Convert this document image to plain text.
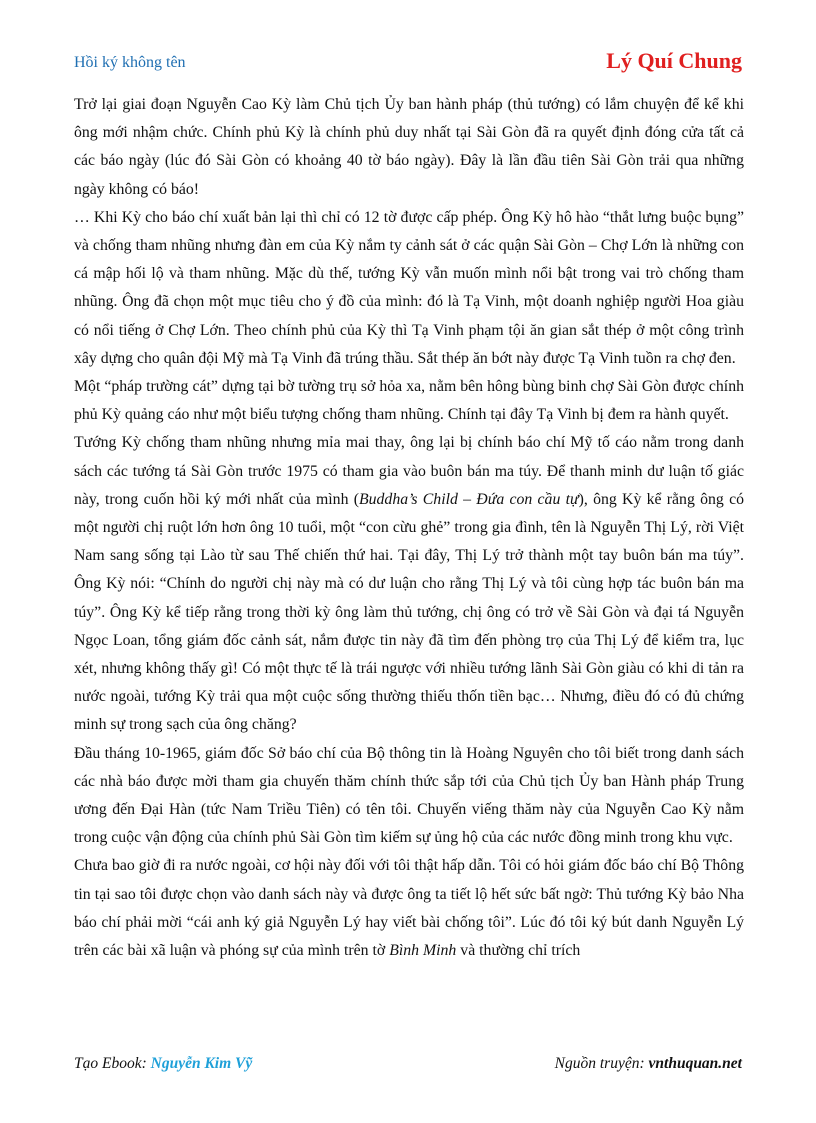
Hồi ký không tên	Lý Quí Chung

Trở lại giai đoạn Nguyễn Cao Kỳ làm Chủ tịch Ủy ban hành pháp (thủ tướng) có lắm chuyện để kể khi ông mới nhậm chức. Chính phủ Kỳ là chính phủ duy nhất tại Sài Gòn đã ra quyết định đóng cửa tất cả các báo ngày (lúc đó Sài Gòn có khoảng 40 tờ báo ngày). Đây là lần đầu tiên Sài Gòn trải qua những ngày không có báo!

… Khi Kỳ cho báo chí xuất bản lại thì chỉ có 12 tờ được cấp phép. Ông Kỳ hô hào “thắt lưng buộc bụng” và chống tham nhũng nhưng đàn em của Kỳ nắm ty cảnh sát ở các quận Sài Gòn – Chợ Lớn là những con cá mập hối lộ và tham nhũng. Mặc dù thế, tướng Kỳ vẫn muốn mình nổi bật trong vai trò chống tham nhũng. Ông đã chọn một mục tiêu cho ý đồ của mình: đó là Tạ Vinh, một doanh nghiệp người Hoa giàu có nổi tiếng ở Chợ Lớn. Theo chính phủ của Kỳ thì Tạ Vinh phạm tội ăn gian sắt thép ở một công trình xây dựng cho quân đội Mỹ mà Tạ Vinh đã trúng thầu. Sắt thép ăn bớt này được Tạ Vinh tuồn ra chợ đen.

Một “pháp trường cát” dựng tại bờ tường trụ sở hỏa xa, nằm bên hông bùng binh chợ Sài Gòn được chính phủ Kỳ quảng cáo như một biểu tượng chống tham nhũng. Chính tại đây Tạ Vinh bị đem ra hành quyết.

Tướng Kỳ chống tham nhũng nhưng mỉa mai thay, ông lại bị chính báo chí Mỹ tố cáo nằm trong danh sách các tướng tá Sài Gòn trước 1975 có tham gia vào buôn bán ma túy. Để thanh minh dư luận tố giác này, trong cuốn hồi ký mới nhất của mình (Buddha’s Child – Đứa con cầu tự), ông Kỳ kể rằng ông có một người chị ruột lớn hơn ông 10 tuổi, một “con cừu ghẻ” trong gia đình, tên là Nguyễn Thị Lý, rời Việt Nam sang sống tại Lào từ sau Thế chiến thứ hai. Tại đây, Thị Lý trở thành một tay buôn bán ma túy”. Ông Kỳ nói: “Chính do người chị này mà có dư luận cho rằng Thị Lý và tôi cùng hợp tác buôn bán ma túy”. Ông Kỳ kể tiếp rằng trong thời kỳ ông làm thủ tướng, chị ông có trở về Sài Gòn và đại tá Nguyễn Ngọc Loan, tổng giám đốc cảnh sát, nắm được tin này đã tìm đến phòng trọ của Thị Lý để kiểm tra, lục xét, nhưng không thấy gì! Có một thực tế là trái ngược với nhiều tướng lãnh Sài Gòn giàu có khi di tản ra nước ngoài, tướng Kỳ trải qua một cuộc sống thường thiếu thốn tiền bạc… Nhưng, điều đó có đủ chứng minh sự trong sạch của ông chăng?

Đầu tháng 10-1965, giám đốc Sở báo chí của Bộ thông tin là Hoàng Nguyên cho tôi biết trong danh sách các nhà báo được mời tham gia chuyến thăm chính thức sắp tới của Chủ tịch Ủy ban Hành pháp Trung ương đến Đại Hàn (tức Nam Triều Tiên) có tên tôi. Chuyến viếng thăm này của Nguyễn Cao Kỳ nằm trong cuộc vận động của chính phủ Sài Gòn tìm kiếm sự ủng hộ của các nước đồng minh trong khu vực.

Chưa bao giờ đi ra nước ngoài, cơ hội này đối với tôi thật hấp dẫn. Tôi có hỏi giám đốc báo chí Bộ Thông tin tại sao tôi được chọn vào danh sách này và được ông ta tiết lộ hết sức bất ngờ: Thủ tướng Kỳ bảo Nha báo chí phải mời “cái anh ký giả Nguyễn Lý hay viết bài chống tôi”. Lúc đó tôi ký bút danh Nguyễn Lý trên các bài xã luận và phóng sự của mình trên tờ Bình Minh và thường chỉ trích

Tạo Ebook: Nguyễn Kim Vỹ	Nguồn truyện: vnthuquan.net
